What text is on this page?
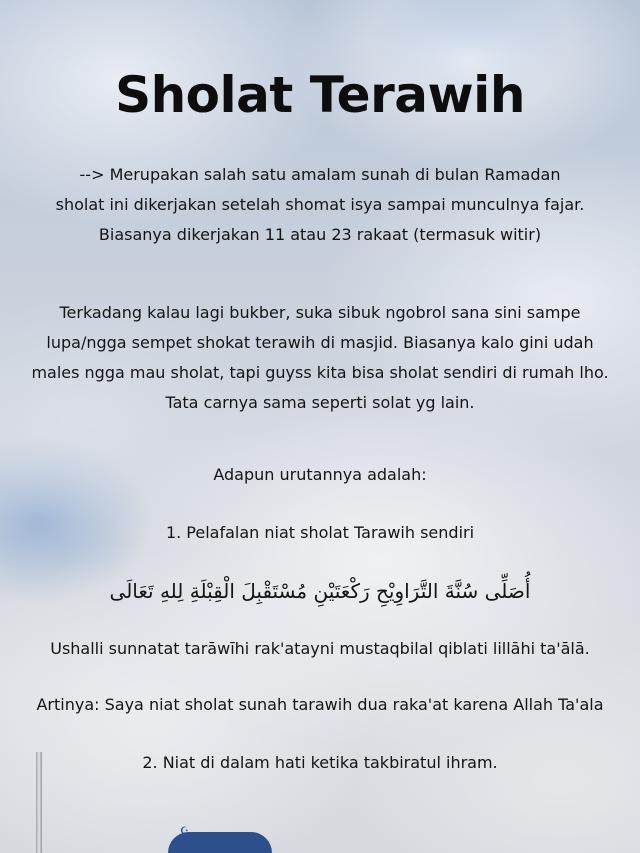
☪
Sholat Terawih

--> Merupakan salah satu amalam sunah di bulan Ramadan
sholat ini dikerjakan setelah shomat isya sampai munculnya fajar.
Biasanya dikerjakan 11 atau 23 rakaat (termasuk witir)

Terkadang kalau lagi bukber, suka sibuk ngobrol sana sini sampe
lupa/ngga sempet shokat terawih di masjid. Biasanya kalo gini udah
males ngga mau sholat, tapi guyss kita bisa sholat sendiri di rumah lho.
Tata carnya sama seperti solat yg lain.

Adapun urutannya adalah:

1. Pelafalan niat sholat Tarawih sendiri

أُصَلِّى سُنَّةَ التَّرَاوِيْحِ رَكْعَتَيْنِ مُسْتَقْبِلَ الْقِبْلَةِ لِلهِ تَعَالَى

Ushalli sunnatat tarāwīhi rak'atayni mustaqbilal qiblati lillāhi ta'ālā.

Artinya: Saya niat sholat sunah tarawih dua raka'at karena Allah Ta'ala

2. Niat di dalam hati ketika takbiratul ihram.
